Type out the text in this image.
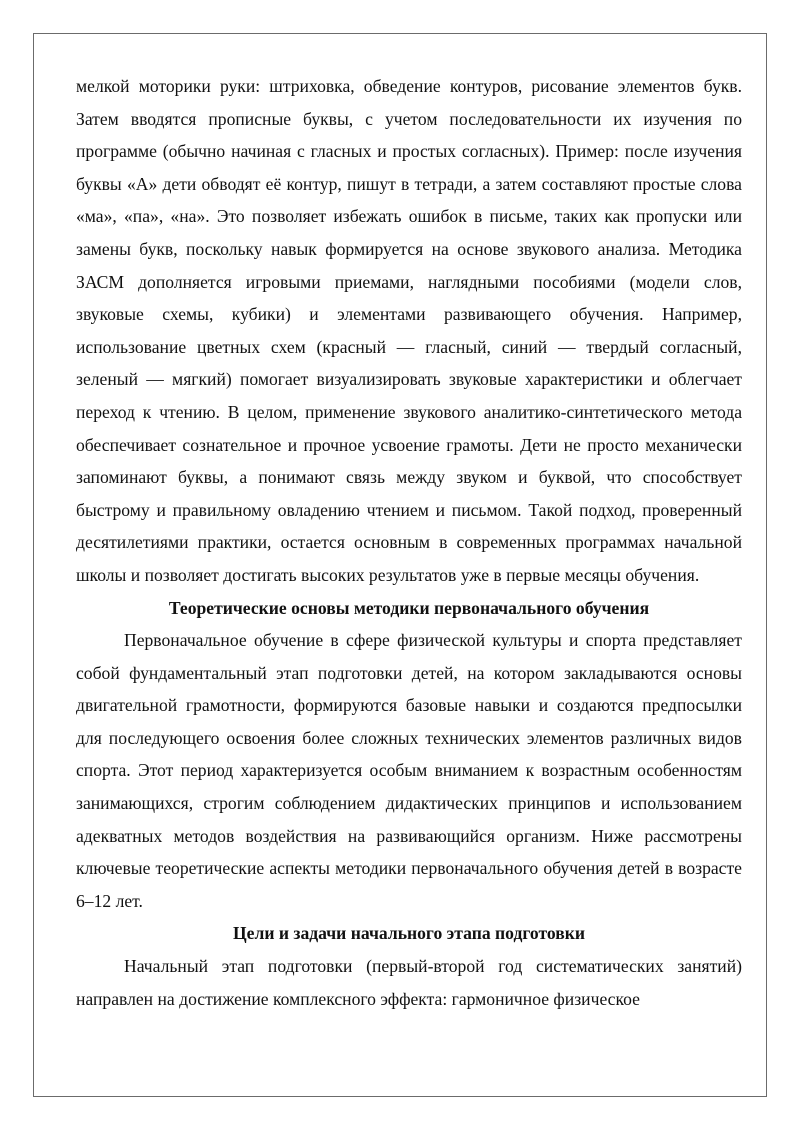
мелкой моторики руки: штриховка, обведение контуров, рисование элементов букв. Затем вводятся прописные буквы, с учетом последовательности их изучения по программе (обычно начиная с гласных и простых согласных). Пример: после изучения буквы «А» дети обводят её контур, пишут в тетради, а затем составляют простые слова «ма», «па», «на». Это позволяет избежать ошибок в письме, таких как пропуски или замены букв, поскольку навык формируется на основе звукового анализа. Методика ЗАСМ дополняется игровыми приемами, наглядными пособиями (модели слов, звуковые схемы, кубики) и элементами развивающего обучения. Например, использование цветных схем (красный — гласный, синий — твердый согласный, зеленый — мягкий) помогает визуализировать звуковые характеристики и облегчает переход к чтению. В целом, применение звукового аналитико-синтетического метода обеспечивает сознательное и прочное усвоение грамоты. Дети не просто механически запоминают буквы, а понимают связь между звуком и буквой, что способствует быстрому и правильному овладению чтением и письмом. Такой подход, проверенный десятилетиями практики, остается основным в современных программах начальной школы и позволяет достигать высоких результатов уже в первые месяцы обучения.

Теоретические основы методики первоначального обучения

Первоначальное обучение в сфере физической культуры и спорта представляет собой фундаментальный этап подготовки детей, на котором закладываются основы двигательной грамотности, формируются базовые навыки и создаются предпосылки для последующего освоения более сложных технических элементов различных видов спорта. Этот период характеризуется особым вниманием к возрастным особенностям занимающихся, строгим соблюдением дидактических принципов и использованием адекватных методов воздействия на развивающийся организм. Ниже рассмотрены ключевые теоретические аспекты методики первоначального обучения детей в возрасте 6–12 лет.

Цели и задачи начального этапа подготовки

Начальный этап подготовки (первый-второй год систематических занятий) направлен на достижение комплексного эффекта: гармоничное физическое
